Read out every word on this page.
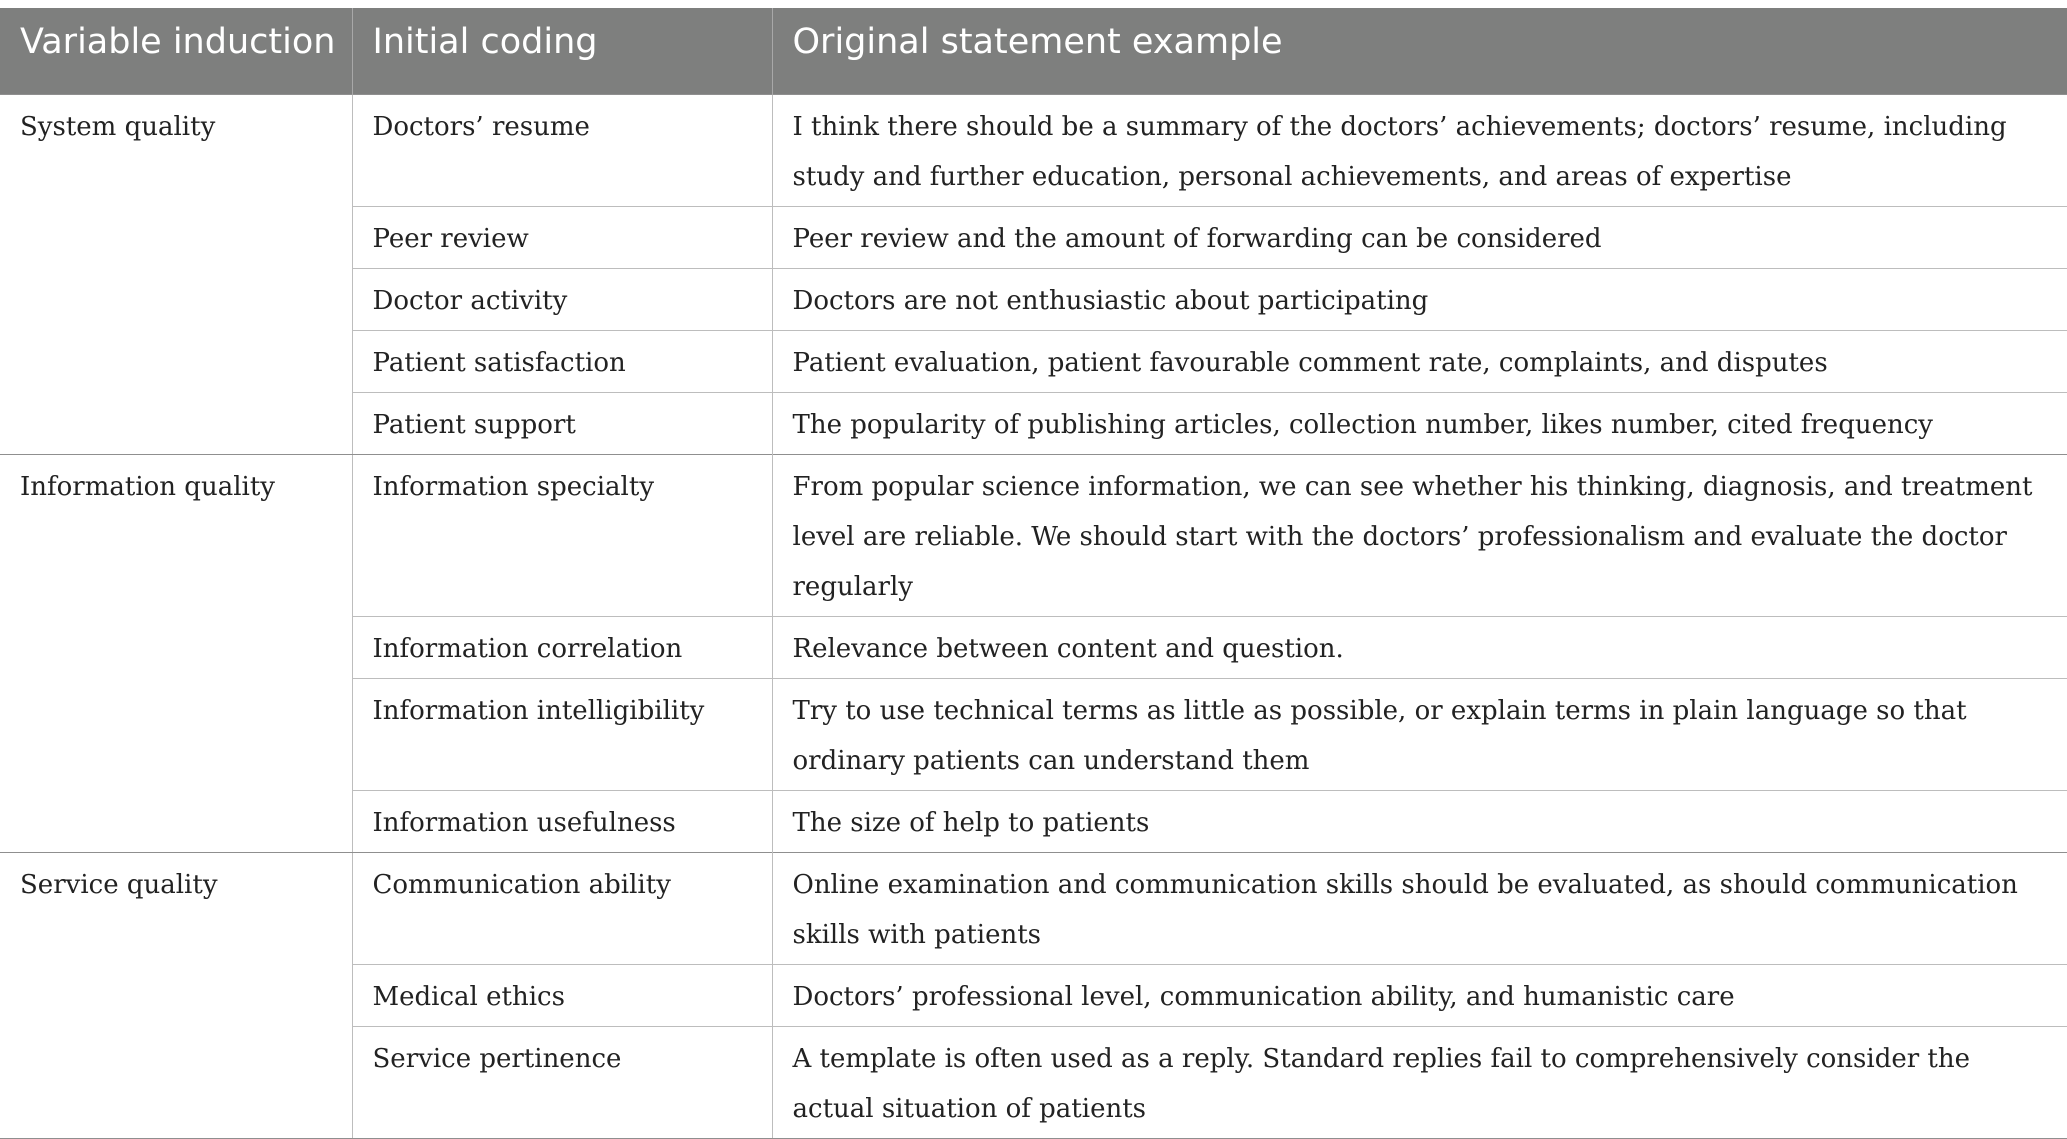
Variable induction	Initial coding	Original statement example
System quality	Doctors’ resume	I think there should be a summary of the doctors’ achievements; doctors’ resume, including study and further education, personal achievements, and areas of expertise
	Peer review	Peer review and the amount of forwarding can be considered
	Doctor activity	Doctors are not enthusiastic about participating
	Patient satisfaction	Patient evaluation, patient favourable comment rate, complaints, and disputes
	Patient support	The popularity of publishing articles, collection number, likes number, cited frequency
Information quality	Information specialty	From popular science information, we can see whether his thinking, diagnosis, and treatment level are reliable. We should start with the doctors’ professionalism and evaluate the doctor regularly
	Information correlation	Relevance between content and question.
	Information intelligibility	Try to use technical terms as little as possible, or explain terms in plain language so that ordinary patients can understand them
	Information usefulness	The size of help to patients
Service quality	Communication ability	Online examination and communication skills should be evaluated, as should communication skills with patients
	Medical ethics	Doctors’ professional level, communication ability, and humanistic care
	Service pertinence	A template is often used as a reply. Standard replies fail to comprehensively consider the actual situation of patients
